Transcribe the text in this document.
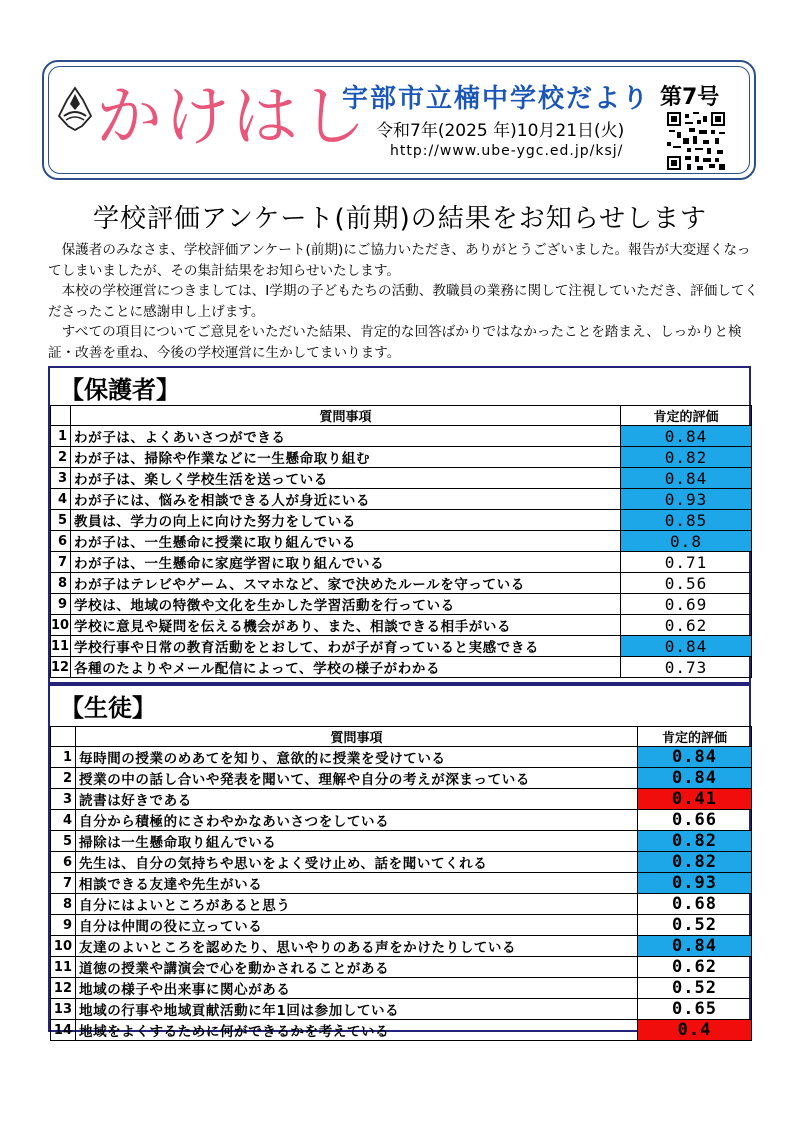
かけはし
宇部市立楠中学校だより 第7号
令和7年(2025 年)10月21日(火)
http://www.ube-ygc.ed.jp/ksj/
学校評価アンケート(前期)の結果をお知らせします

保護者のみなさま、学校評価アンケート(前期)にご協力いただき、ありがとうございました。報告が大変遅くなってしまいましたが、その集計結果をお知らせいたします。

本校の学校運営につきましては、Ⅰ学期の子どもたちの活動、教職員の業務に関して注視していただき、評価してくださったことに感謝申し上げます。

すべての項目についてご意見をいただいた結果、肯定的な回答ばかりではなかったことを踏まえ、しっかりと検証・改善を重ね、今後の学校運営に生かしてまいります。

【保護者】
	質問事項	肯定的評価
1	わが子は、よくあいさつができる	0.84
2	わが子は、掃除や作業などに一生懸命取り組む	0.82
3	わが子は、楽しく学校生活を送っている	0.84
4	わが子には、悩みを相談できる人が身近にいる	0.93
5	教員は、学力の向上に向けた努力をしている	0.85
6	わが子は、一生懸命に授業に取り組んでいる	0.8
7	わが子は、一生懸命に家庭学習に取り組んでいる	0.71
8	わが子はテレビやゲーム、スマホなど、家で決めたルールを守っている	0.56
9	学校は、地域の特徴や文化を生かした学習活動を行っている	0.69
10	学校に意見や疑問を伝える機会があり、また、相談できる相手がいる	0.62
11	学校行事や日常の教育活動をとおして、わが子が育っていると実感できる	0.84
12	各種のたよりやメール配信によって、学校の様子がわかる	0.73
【生徒】
	質問事項	肯定的評価
1	毎時間の授業のめあてを知り、意欲的に授業を受けている	0.84
2	授業の中の話し合いや発表を聞いて、理解や自分の考えが深まっている	0.84
3	読書は好きである	0.41
4	自分から積極的にさわやかなあいさつをしている	0.66
5	掃除は一生懸命取り組んでいる	0.82
6	先生は、自分の気持ちや思いをよく受け止め、話を聞いてくれる	0.82
7	相談できる友達や先生がいる	0.93
8	自分にはよいところがあると思う	0.68
9	自分は仲間の役に立っている	0.52
10	友達のよいところを認めたり、思いやりのある声をかけたりしている	0.84
11	道徳の授業や講演会で心を動かされることがある	0.62
12	地域の様子や出来事に関心がある	0.52
13	地域の行事や地域貢献活動に年1回は参加している	0.65
14	地域をよくするために何ができるかを考えている	0.4
